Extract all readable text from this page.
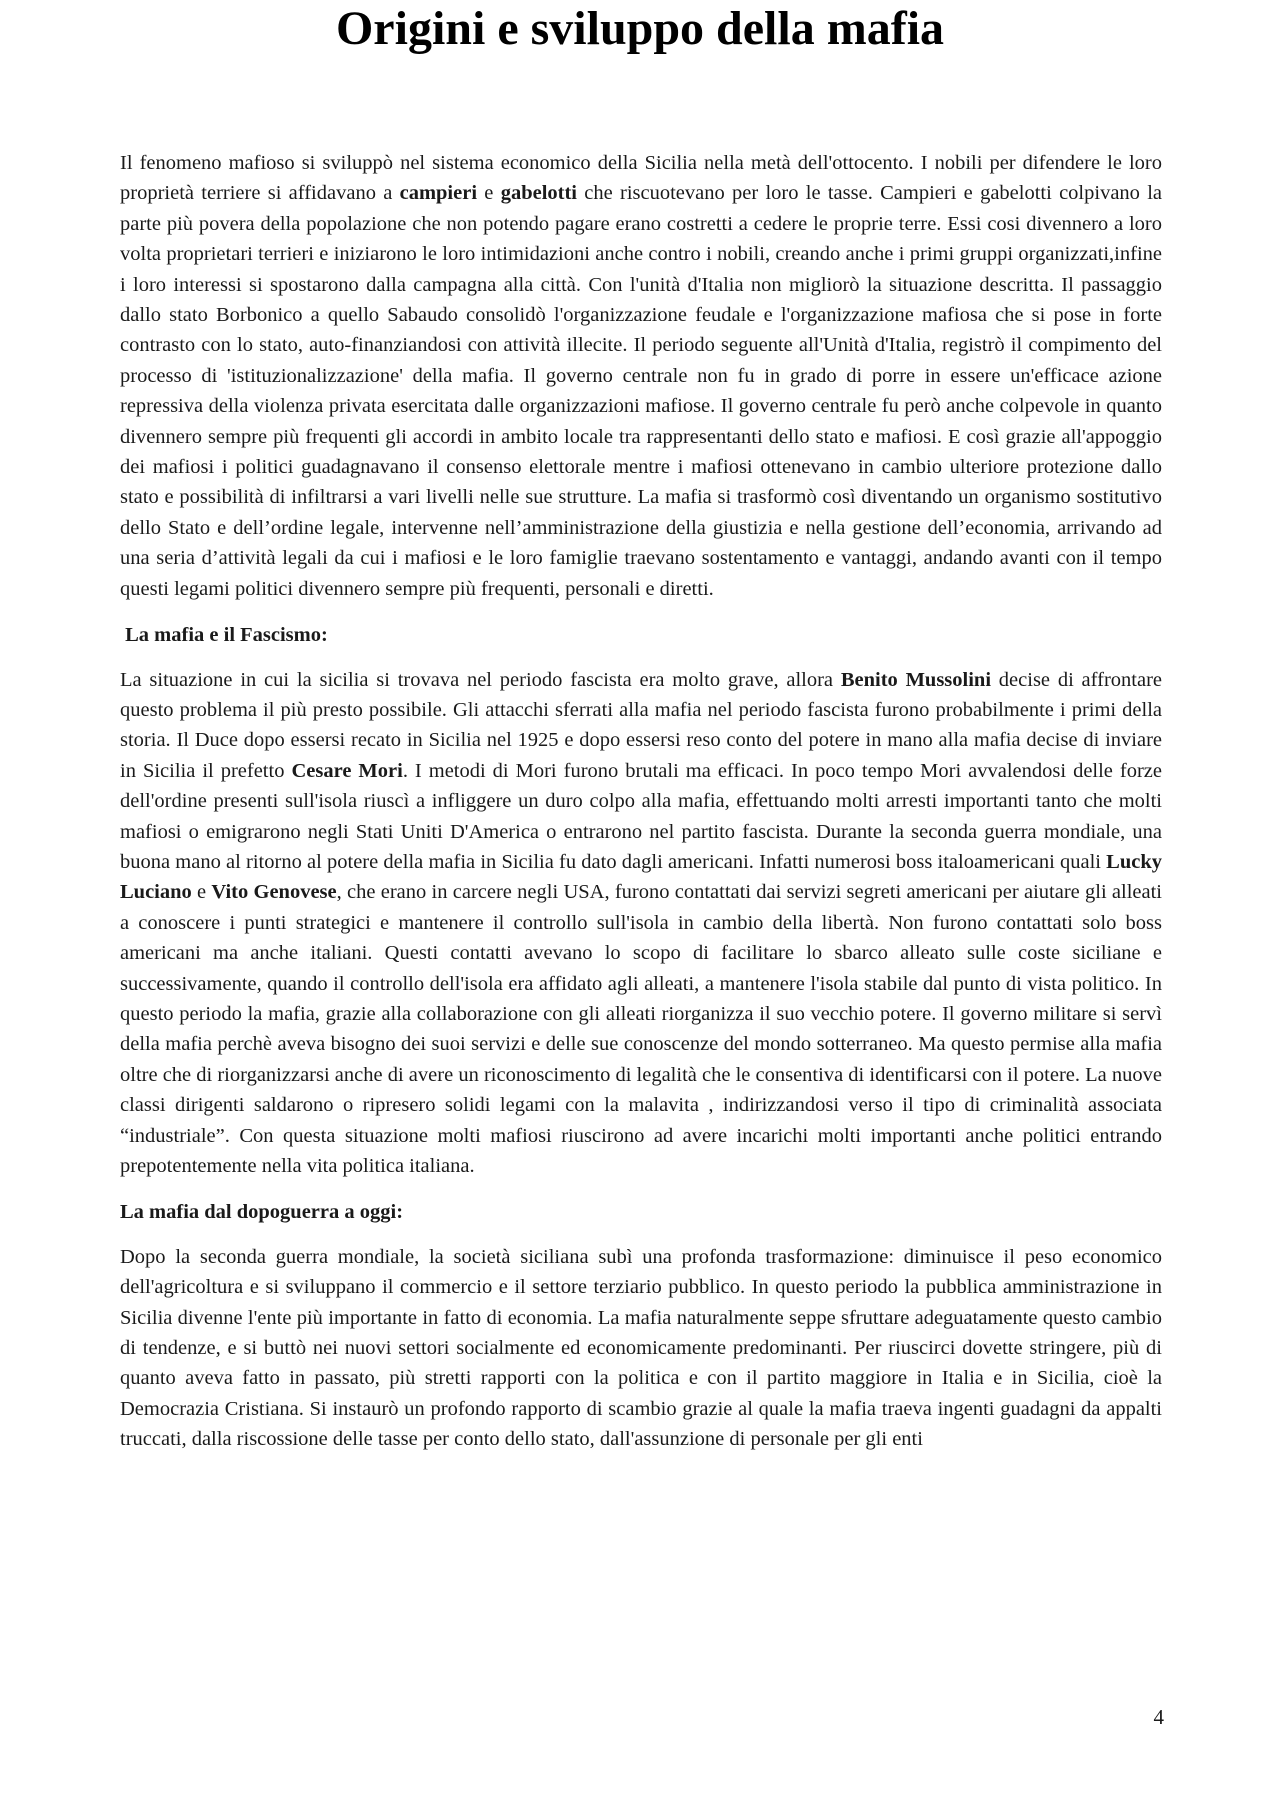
Origini e sviluppo della mafia

Il fenomeno mafioso si sviluppò nel sistema economico della Sicilia nella metà dell'ottocento. I nobili per difendere le loro proprietà terriere si affidavano a campieri e gabelotti che riscuotevano per loro le tasse. Campieri e gabelotti colpivano la parte più povera della popolazione che non potendo pagare erano costretti a cedere le proprie terre. Essi cosi divennero a loro volta proprietari terrieri e iniziarono le loro intimidazioni anche contro i nobili, creando anche i primi gruppi organizzati,infine i loro interessi si spostarono dalla campagna alla città. Con l'unità d'Italia non migliorò la situazione descritta. Il passaggio dallo stato Borbonico a quello Sabaudo consolidò l'organizzazione feudale e l'organizzazione mafiosa che si pose in forte contrasto con lo stato, auto-finanziandosi con attività illecite. Il periodo seguente all'Unità d'Italia, registrò il compimento del processo di 'istituzionalizzazione' della mafia. Il governo centrale non fu in grado di porre in essere un'efficace azione repressiva della violenza privata esercitata dalle organizzazioni mafiose. Il governo centrale fu però anche colpevole in quanto divennero sempre più frequenti gli accordi in ambito locale tra rappresentanti dello stato e mafiosi. E così grazie all'appoggio dei mafiosi i politici guadagnavano il consenso elettorale mentre i mafiosi ottenevano in cambio ulteriore protezione dallo stato e possibilità di infiltrarsi a vari livelli nelle sue strutture. La mafia si trasformò così diventando un organismo sostitutivo dello Stato e dell’ordine legale, intervenne nell’amministrazione della giustizia e nella gestione dell’economia, arrivando ad una seria d’attività legali da cui i mafiosi e le loro famiglie traevano sostentamento e vantaggi, andando avanti con il tempo questi legami politici divennero sempre più frequenti, personali e diretti.

La mafia e il Fascismo:

La situazione in cui la sicilia si trovava nel periodo fascista era molto grave, allora Benito Mussolini decise di affrontare questo problema il più presto possibile. Gli attacchi sferrati alla mafia nel periodo fascista furono probabilmente i primi della storia. Il Duce dopo essersi recato in Sicilia nel 1925 e dopo essersi reso conto del potere in mano alla mafia decise di inviare in Sicilia il prefetto Cesare Mori. I metodi di Mori furono brutali ma efficaci. In poco tempo Mori avvalendosi delle forze dell'ordine presenti sull'isola riuscì a infliggere un duro colpo alla mafia, effettuando molti arresti importanti tanto che molti mafiosi o emigrarono negli Stati Uniti D'America o entrarono nel partito fascista. Durante la seconda guerra mondiale, una buona mano al ritorno al potere della mafia in Sicilia fu dato dagli americani. Infatti numerosi boss italoamericani quali Lucky Luciano e Vito Genovese, che erano in carcere negli USA, furono contattati dai servizi segreti americani per aiutare gli alleati a conoscere i punti strategici e mantenere il controllo sull'isola in cambio della libertà. Non furono contattati solo boss americani ma anche italiani. Questi contatti avevano lo scopo di facilitare lo sbarco alleato sulle coste siciliane e successivamente, quando il controllo dell'isola era affidato agli alleati, a mantenere l'isola stabile dal punto di vista politico. In questo periodo la mafia, grazie alla collaborazione con gli alleati riorganizza il suo vecchio potere. Il governo militare si servì della mafia perchè aveva bisogno dei suoi servizi e delle sue conoscenze del mondo sotterraneo. Ma questo permise alla mafia oltre che di riorganizzarsi anche di avere un riconoscimento di legalità che le consentiva di identificarsi con il potere. La nuove classi dirigenti saldarono o ripresero solidi legami con la malavita , indirizzandosi verso il tipo di criminalità associata “industriale”. Con questa situazione molti mafiosi riuscirono ad avere incarichi molti importanti anche politici entrando prepotentemente nella vita politica italiana.

La mafia dal dopoguerra a oggi:

Dopo la seconda guerra mondiale, la società siciliana subì una profonda trasformazione: diminuisce il peso economico dell'agricoltura e si sviluppano il commercio e il settore terziario pubblico. In questo periodo la pubblica amministrazione in Sicilia divenne l'ente più importante in fatto di economia. La mafia naturalmente seppe sfruttare adeguatamente questo cambio di tendenze, e si buttò nei nuovi settori socialmente ed economicamente predominanti. Per riuscirci dovette stringere, più di quanto aveva fatto in passato, più stretti rapporti con la politica e con il partito maggiore in Italia e in Sicilia, cioè la Democrazia Cristiana. Si instaurò un profondo rapporto di scambio grazie al quale la mafia traeva ingenti guadagni da appalti truccati, dalla riscossione delle tasse per conto dello stato, dall'assunzione di personale per gli enti

4
